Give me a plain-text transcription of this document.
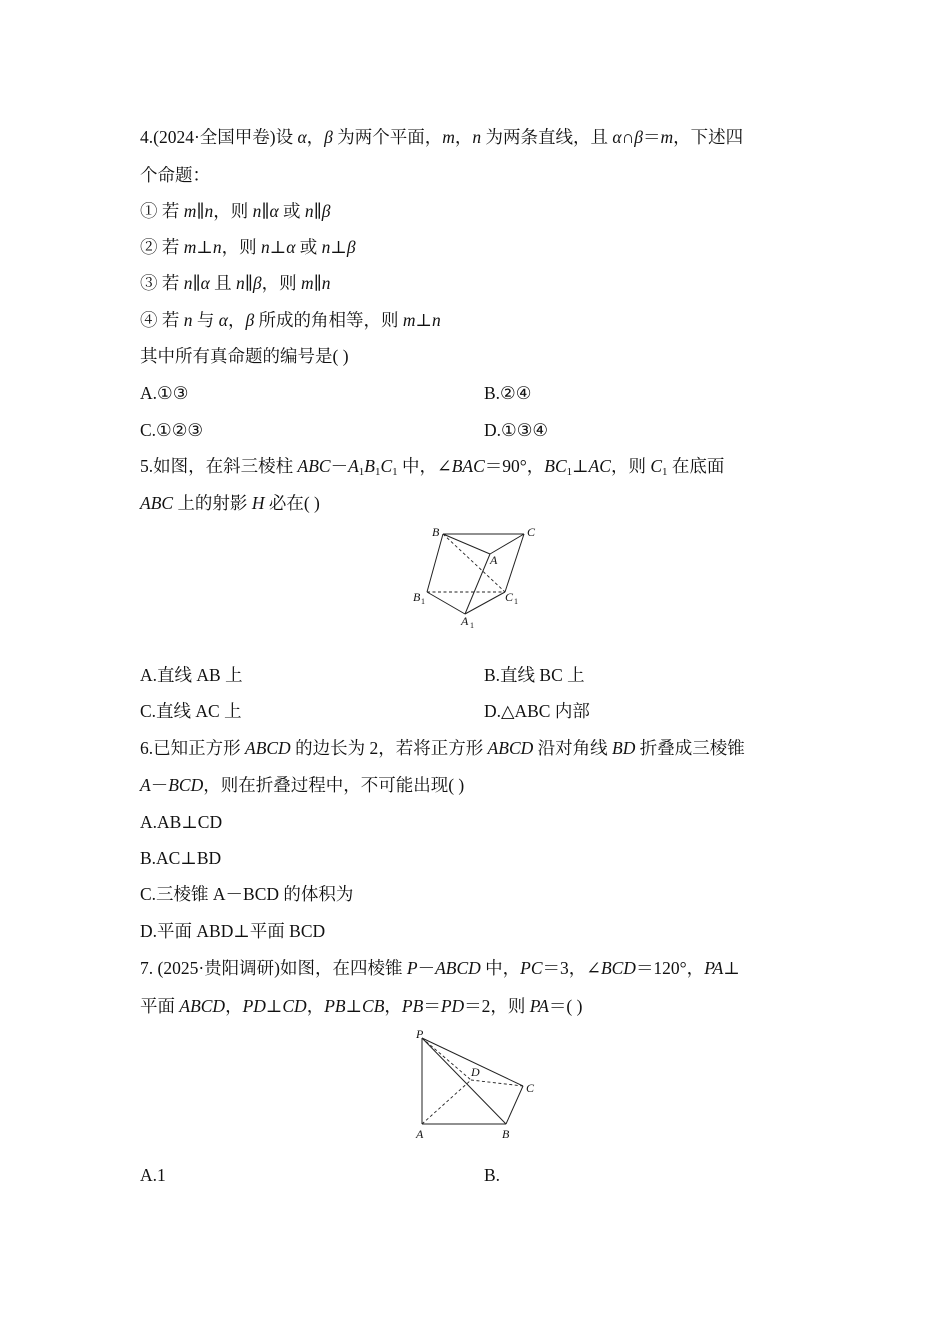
4.(2024·全国甲卷)设 α，β 为两个平面，m，n 为两条直线，且 α∩β＝m，下述四
个命题：
① 若 m∥n，则 n∥α 或 n∥β
② 若 m⊥n，则 n⊥α 或 n⊥β
③ 若 n∥α 且 n∥β，则 m∥n
④ 若 n 与 α，β 所成的角相等，则 m⊥n
其中所有真命题的编号是( )
A.①③	B.②④
C.①②③	D.①③④
5.如图，在斜三棱柱 $ABC-A_1B_1C_1$ 中，∠BAC＝90°，$BC_1\perp AC$，则 $C_1$ 在底面
ABC 上的射影 H 必在( )
B	C
A
B 1	C 1
A 1
A.直线 AB 上	B.直线 BC 上
C.直线 AC 上	D.△ABC 内部
6.已知正方形 ABCD 的边长为 2，若将正方形 ABCD 沿对角线 BD 折叠成三棱锥
A－BCD，则在折叠过程中，不可能出现( )
A.AB⊥CD
B.AC⊥BD
C.三棱锥 A－BCD 的体积为
D.平面 ABD⊥平面 BCD
7. (2025·贵阳调研)如图，在四棱锥 P－ABCD 中，PC＝3，∠BCD＝120°，PA⊥
平面 ABCD，PD⊥CD，PB⊥CB，PB＝PD＝2，则 PA＝( )
P
D
C
A	B
A.1	B.
